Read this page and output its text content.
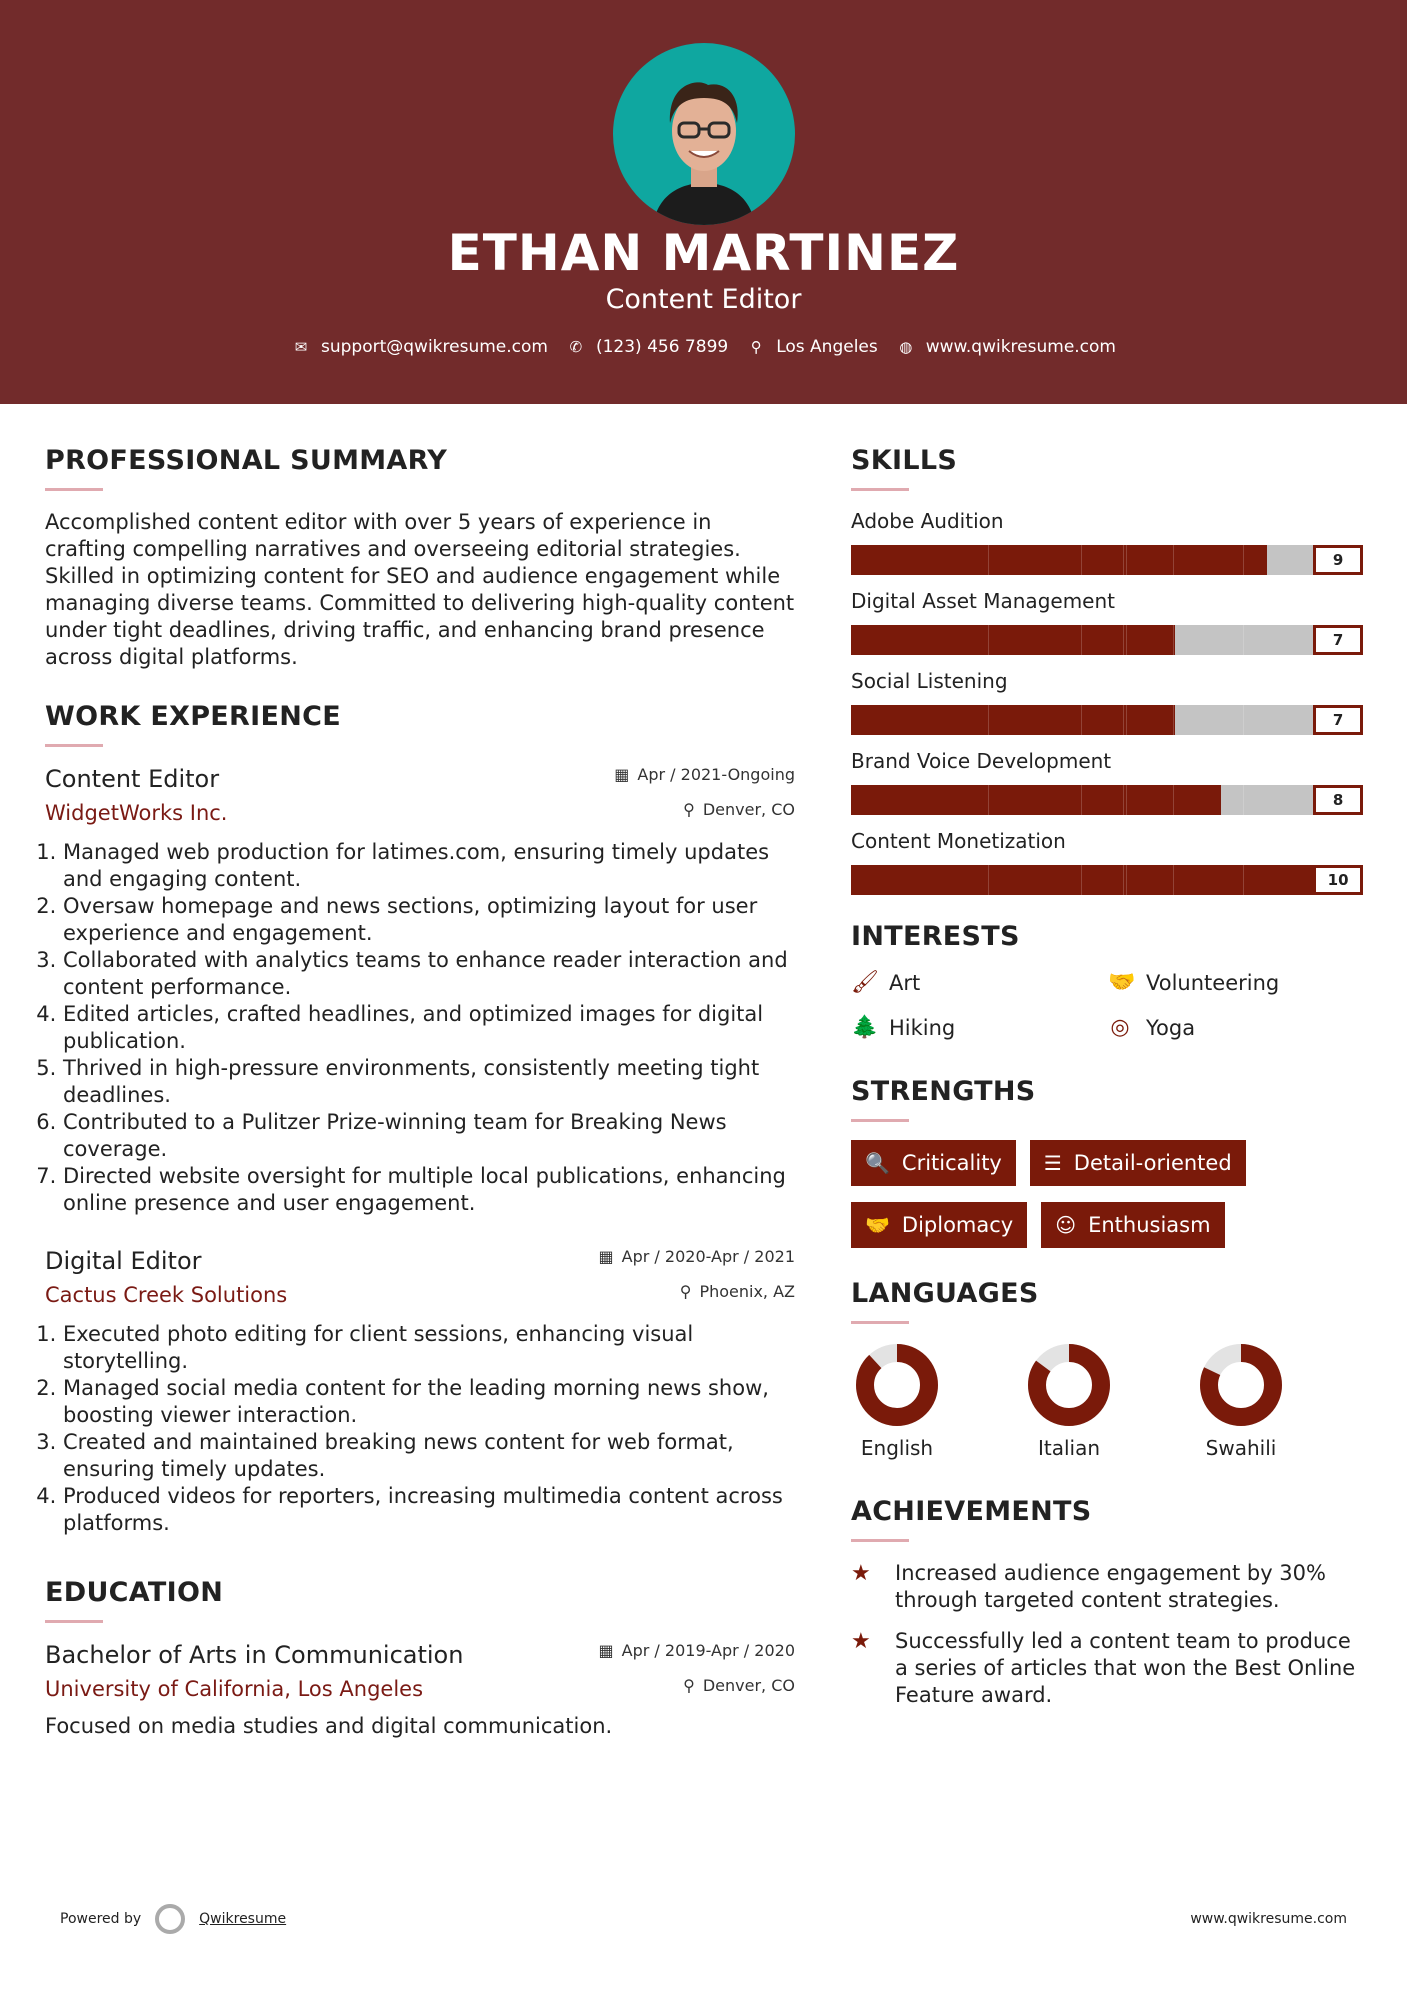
ETHAN MARTINEZ
Content Editor
✉ support@qwikresume.com ✆ (123) 456 7899	⚲ Los Angeles ◍ www.qwikresume.com
PROFESSIONAL SUMMARY
Accomplished content editor with over 5 years of experience in crafting compelling narratives and overseeing editorial strategies. Skilled in optimizing content for SEO and audience engagement while managing diverse teams. Committed to delivering high-quality content under tight deadlines, driving traffic, and enhancing brand presence across digital platforms.
WORK EXPERIENCE
Content Editor
WidgetWorks Inc.
▦ Apr / 2021-Ongoing
⚲ Denver, CO
1. Managed web production for latimes.com, ensuring timely updates and engaging content.
2. Oversaw homepage and news sections, optimizing layout for user experience and engagement.
3. Collaborated with analytics teams to enhance reader interaction and content performance.
4. Edited articles, crafted headlines, and optimized images for digital publication.
5. Thrived in high-pressure environments, consistently meeting tight deadlines.
6. Contributed to a Pulitzer Prize-winning team for Breaking News coverage.
7. Directed website oversight for multiple local publications, enhancing online presence and user engagement.
Digital Editor
Cactus Creek Solutions
▦ Apr / 2020-Apr / 2021
⚲ Phoenix, AZ
1. Executed photo editing for client sessions, enhancing visual storytelling.
2. Managed social media content for the leading morning news show, boosting viewer interaction.
3. Created and maintained breaking news content for web format, ensuring timely updates.
4. Produced videos for reporters, increasing multimedia content across platforms.
EDUCATION
Bachelor of Arts in Communication
University of California, Los Angeles
▦ Apr / 2019-Apr / 2020
⚲ Denver, CO
Focused on media studies and digital communication.
SKILLS
Adobe Audition
9
Digital Asset Management
7
Social Listening
7
Brand Voice Development
8
Content Monetization
10
INTERESTS
🖌 Art	🤝 Volunteering
🌲 Hiking	◎ Yoga
STRENGTHS
🔍 Criticality ☰ Detail-oriented
🤝 Diplomacy ☺ Enthusiasm
LANGUAGES
English	Italian	Swahili
ACHIEVEMENTS
★	Increased audience engagement by 30% through targeted content strategies.
★	Successfully led a content team to produce a series of articles that won the Best Online Feature award.
Powered by	Qwikresume	www.qwikresume.com
